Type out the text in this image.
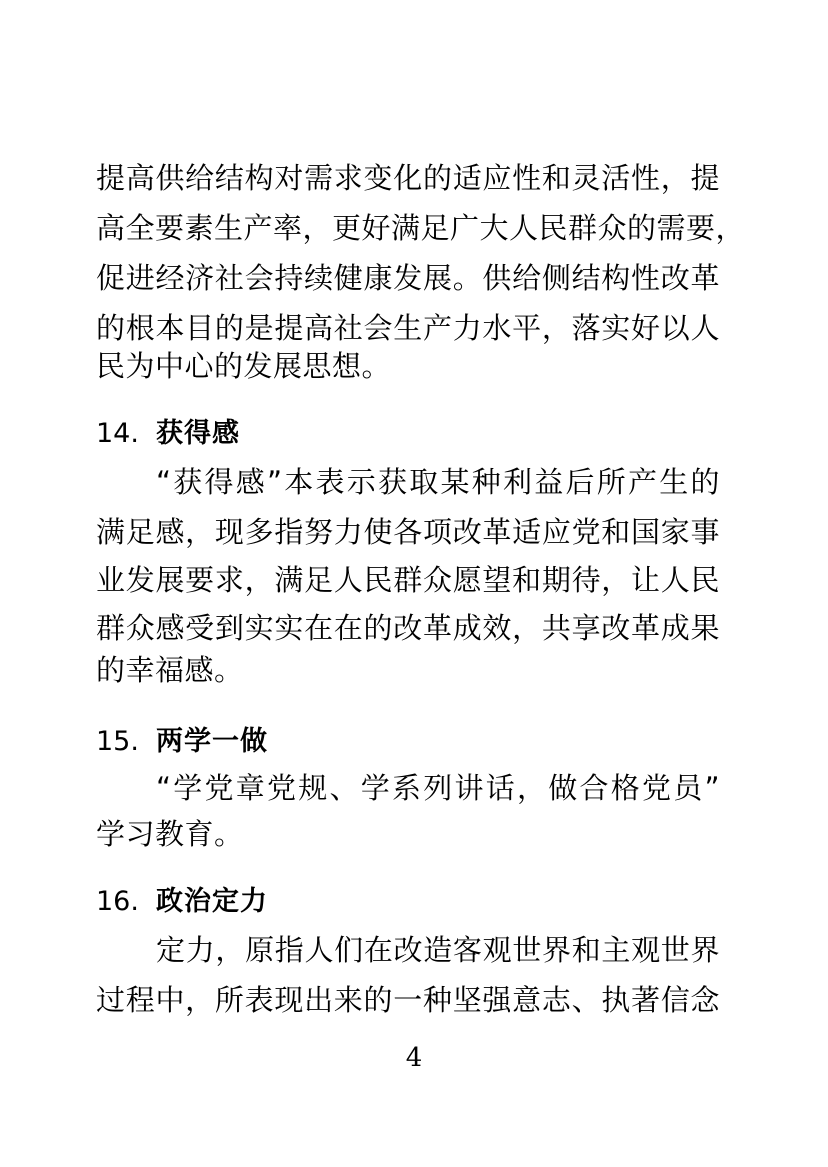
提高供给结构对需求变化的适应性和灵活性，提
高全要素生产率，更好满足广大人民群众的需要，
促进经济社会持续健康发展。供给侧结构性改革
的根本目的是提高社会生产力水平，落实好以人
民为中心的发展思想。
14. 获得感
“获得感”本表示获取某种利益后所产生的
满足感，现多指努力使各项改革适应党和国家事
业发展要求，满足人民群众愿望和期待，让人民
群众感受到实实在在的改革成效，共享改革成果
的幸福感。
15. 两学一做
“学党章党规、学系列讲话，做合格党员”
学习教育。
16. 政治定力
定力，原指人们在改造客观世界和主观世界
过程中，所表现出来的一种坚强意志、执著信念
4
